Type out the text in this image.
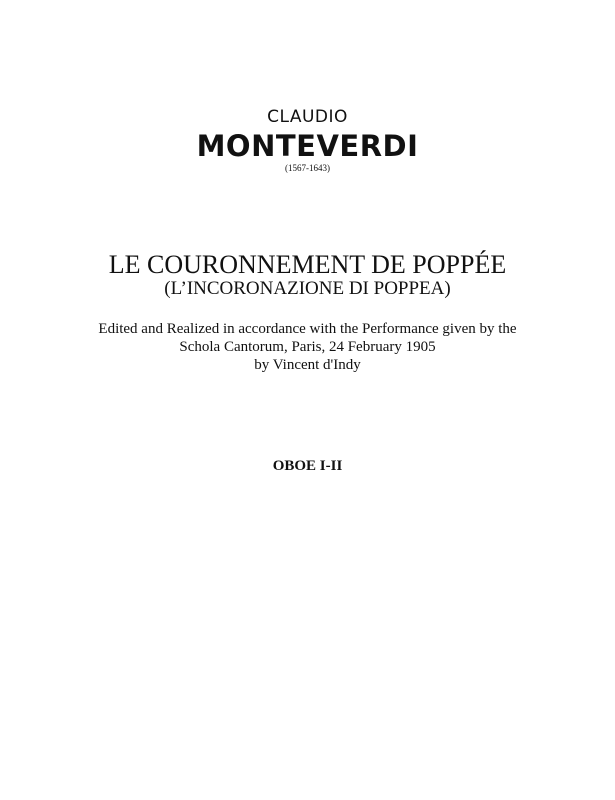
CLAUDIO
MONTEVERDI
(1567-1643)
LE COURONNEMENT DE POPPÉE
(L’INCORONAZIONE DI POPPEA)
Edited and Realized in accordance with the Performance given by the
Schola Cantorum, Paris, 24 February 1905
by Vincent d'Indy
OBOE I-II
